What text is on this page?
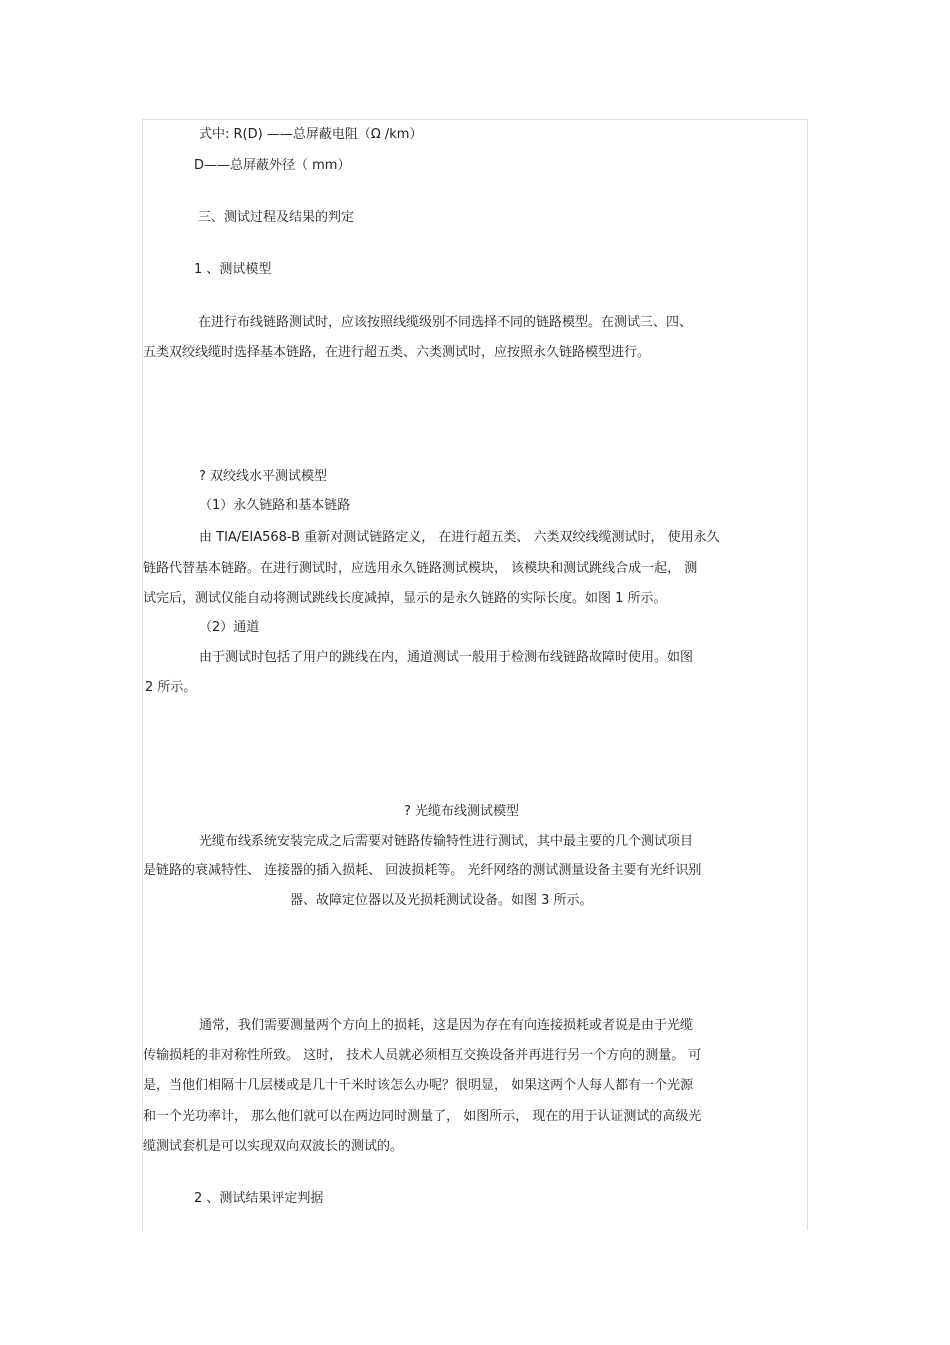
式中: R(D) ——总屏蔽电阻（Ω /km）
D——总屏蔽外径（ mm）
三、测试过程及结果的判定
1 、测试模型
在进行布线链路测试时，应该按照线缆级别不同选择不同的链路模型。在测试三、四、
五类双绞线缆时选择基本链路，在进行超五类、六类测试时，应按照永久链路模型进行。
? 双绞线水平测试模型
（1）永久链路和基本链路
由 TIA/EIA568-B 重新对测试链路定义， 在进行超五类、 六类双绞线缆测试时， 使用永久
链路代替基本链路。在进行测试时，应选用永久链路测试模块， 该模块和测试跳线合成一起， 测
试完后，测试仪能自动将测试跳线长度减掉，显示的是永久链路的实际长度。如图 1 所示。
（2）通道
由于测试时包括了用户的跳线在内，通道测试一般用于检测布线链路故障时使用。如图
2 所示。
? 光缆布线测试模型
光缆布线系统安装完成之后需要对链路传输特性进行测试，其中最主要的几个测试项目
是链路的衰减特性、 连接器的插入损耗、 回波损耗等。 光纤网络的测试测量设备主要有光纤识别
器、故障定位器以及光损耗测试设备。如图 3 所示。
通常，我们需要测量两个方向上的损耗，这是因为存在有向连接损耗或者说是由于光缆
传输损耗的非对称性所致。 这时， 技术人员就必须相互交换设备并再进行另一个方向的测量。 可
是，当他们相隔十几层楼或是几十千米时该怎么办呢？很明显， 如果这两个人每人都有一个光源
和一个光功率计， 那么他们就可以在两边同时测量了， 如图所示， 现在的用于认证测试的高级光
缆测试套机是可以实现双向双波长的测试的。
2 、测试结果评定判据
